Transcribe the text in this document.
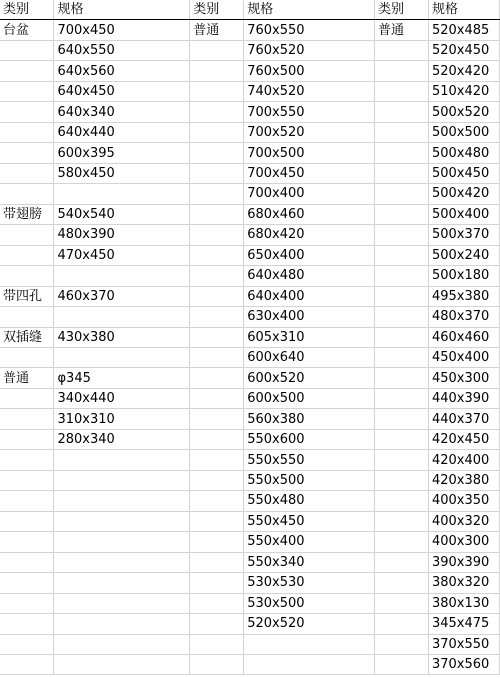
类别	规格	类别	规格	类别	规格
台盆	700x450	普通	760x550	普通	520x485
	640x550		760x520		520x450
	640x560		760x500		520x420
	640x450		740x520		510x420
	640x340		700x550		500x520
	640x440		700x520		500x500
	600x395		700x500		500x480
	580x450		700x450		500x450
			700x400		500x420
带翅膀	540x540		680x460		500x400
	480x390		680x420		500x370
	470x450		650x400		500x240
			640x480		500x180
带四孔	460x370		640x400		495x380
			630x400		480x370
双插缝	430x380		605x310		460x460
			600x640		450x400
普通	φ345		600x520		450x300
	340x440		600x500		440x390
	310x310		560x380		440x370
	280x340		550x600		420x450
			550x550		420x400
			550x500		420x380
			550x480		400x350
			550x450		400x320
			550x400		400x300
			550x340		390x390
			530x530		380x320
			530x500		380x130
			520x520		345x475
					370x550
					370x560
